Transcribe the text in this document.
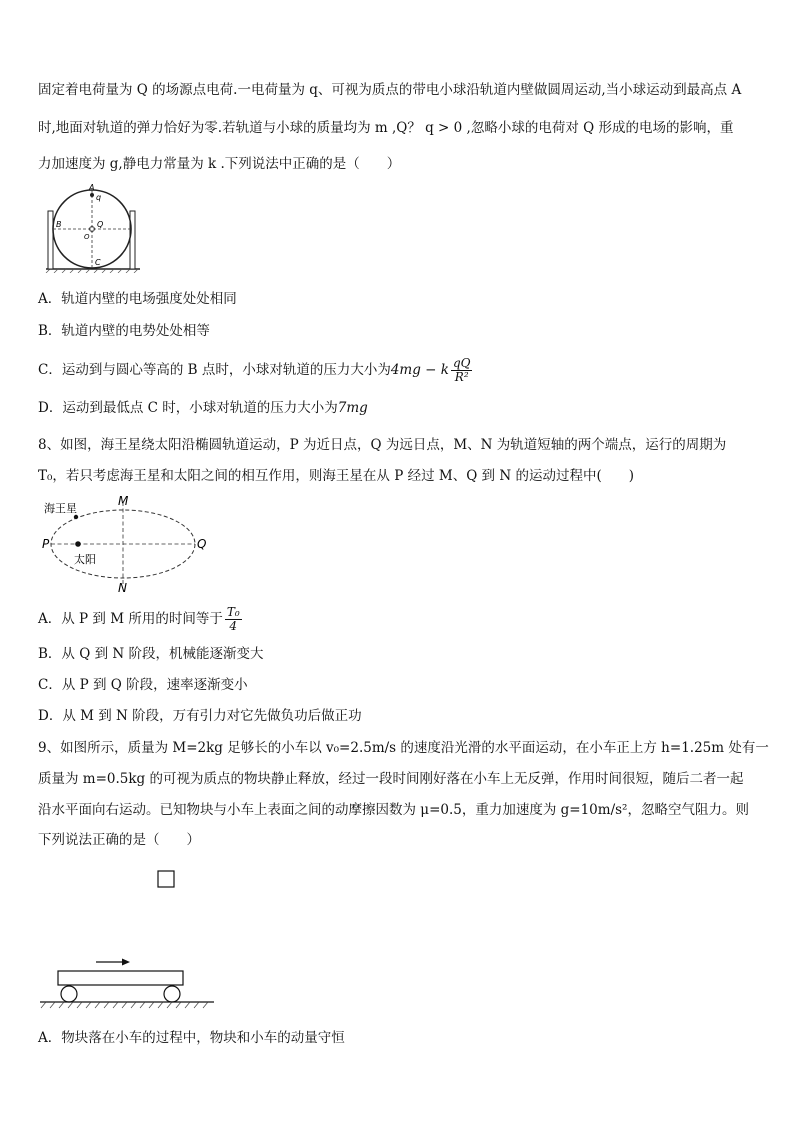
固定着电荷量为 Q 的场源点电荷.一电荷量为 q、可视为质点的带电小球沿轨道内壁做圆周运动,当小球运动到最高点 A
时,地面对轨道的弹力恰好为零.若轨道与小球的质量均为 m ,Q？ q > 0 ,忽略小球的电荷对 Q 形成的电场的影响，重
力加速度为 g,静电力常量为 k .下列说法中正确的是（　　）
A
q
B
O
Q
C
A．轨道内壁的电场强度处处相同
B．轨道内壁的电势处处相等
C．运动到与圆心等高的 B 点时，小球对轨道的压力大小为4mg − k $\frac{qQ}{\text{R²}}$
D．运动到最低点 C 时，小球对轨道的压力大小为7mg
8、如图，海王星绕太阳沿椭圆轨道运动，P 为近日点，Q 为远日点，M、N 为轨道短轴的两个端点，运行的周期为
T₀，若只考虑海王星和太阳之间的相互作用，则海王星在从 P 经过 M、Q 到 N 的运动过程中(　　)
海王星
太阳
P	Q
M
N
A．从 P 到 M 所用的时间等于 $\frac{\text{T₀}}{4}$
B．从 Q 到 N 阶段，机械能逐渐变大
C．从 P 到 Q 阶段，速率逐渐变小
D．从 M 到 N 阶段，万有引力对它先做负功后做正功
9、如图所示，质量为 M=2kg 足够长的小车以 v₀=2.5m/s 的速度沿光滑的水平面运动，在小车正上方 h=1.25m 处有一
质量为 m=0.5kg 的可视为质点的物块静止释放，经过一段时间刚好落在小车上无反弹，作用时间很短，随后二者一起
沿水平面向右运动。已知物块与小车上表面之间的动摩擦因数为 μ=0.5，重力加速度为 g=10m/s²，忽略空气阻力。则
下列说法正确的是（　　）
A．物块落在小车的过程中，物块和小车的动量守恒
